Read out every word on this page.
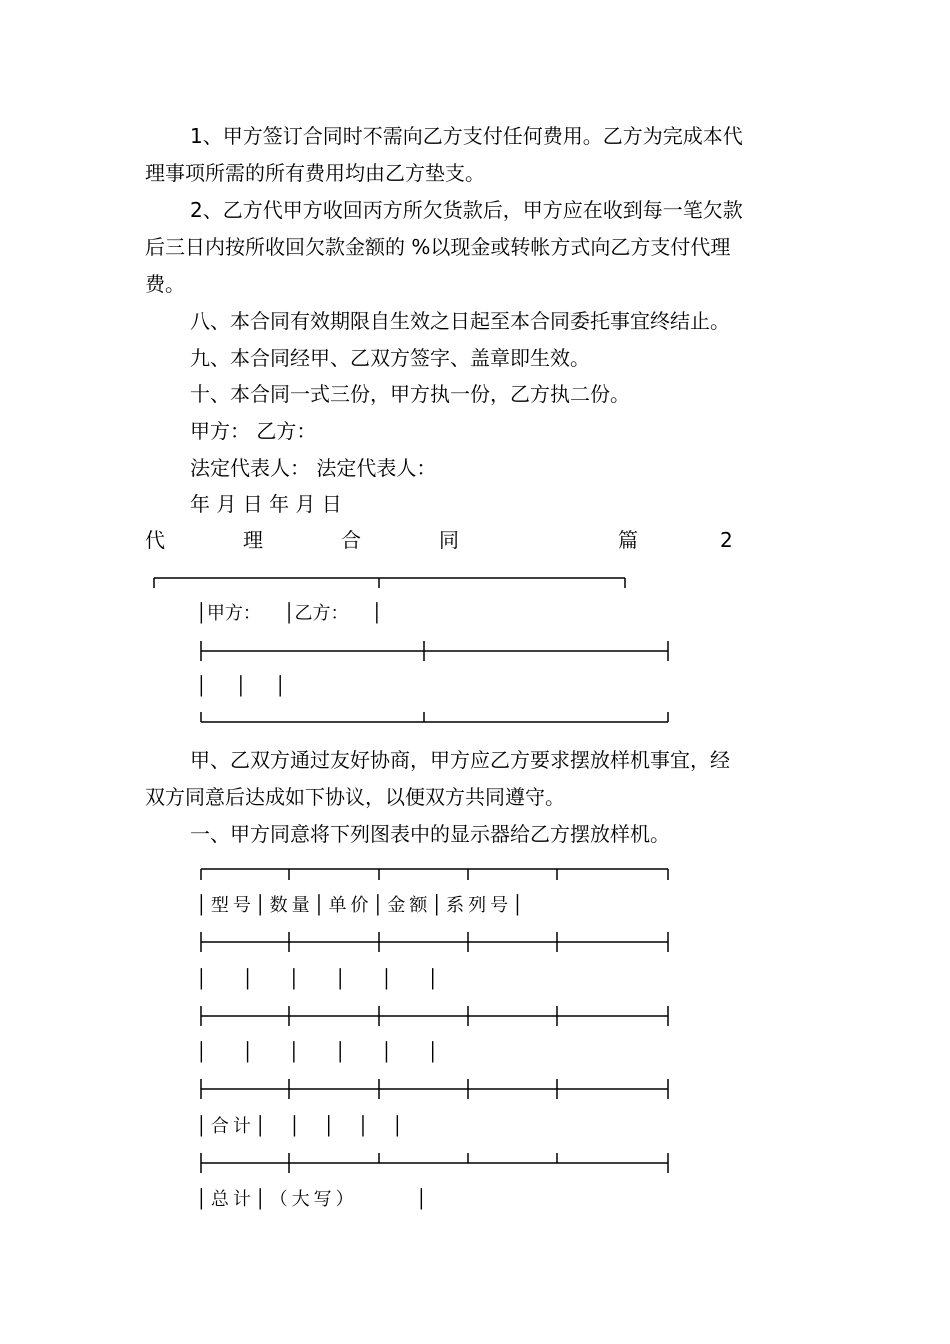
1、甲方签订合同时不需向乙方支付任何费用。乙方为完成本代

理事项所需的所有费用均由乙方垫支。

2、乙方代甲方收回丙方所欠货款后，甲方应在收到每一笔欠款

后三日内按所收回欠款金额的 %以现金或转帐方式向乙方支付代理

费。

八、本合同有效期限自生效之日起至本合同委托事宜终结止。

九、本合同经甲、乙双方签字、盖章即生效。

十、本合同一式三份，甲方执一份，乙方执二份。

甲方： 乙方：

法定代表人： 法定代表人：

年 月 日 年 月 日

代	理	合	同	篇	2

│甲方：    │乙方：    │

│     │     │

甲、乙双方通过友好协商，甲方应乙方要求摆放样机事宜，经

双方同意后达成如下协议，以便双方共同遵守。

一、甲方同意将下列图表中的显示器给乙方摆放样机。

│型号│数量│单价│金额│系列号│

│  │  │  │  │  │

│  │  │  │  │  │

│合计│  │  │  │  │

│总计│（大写）      │
